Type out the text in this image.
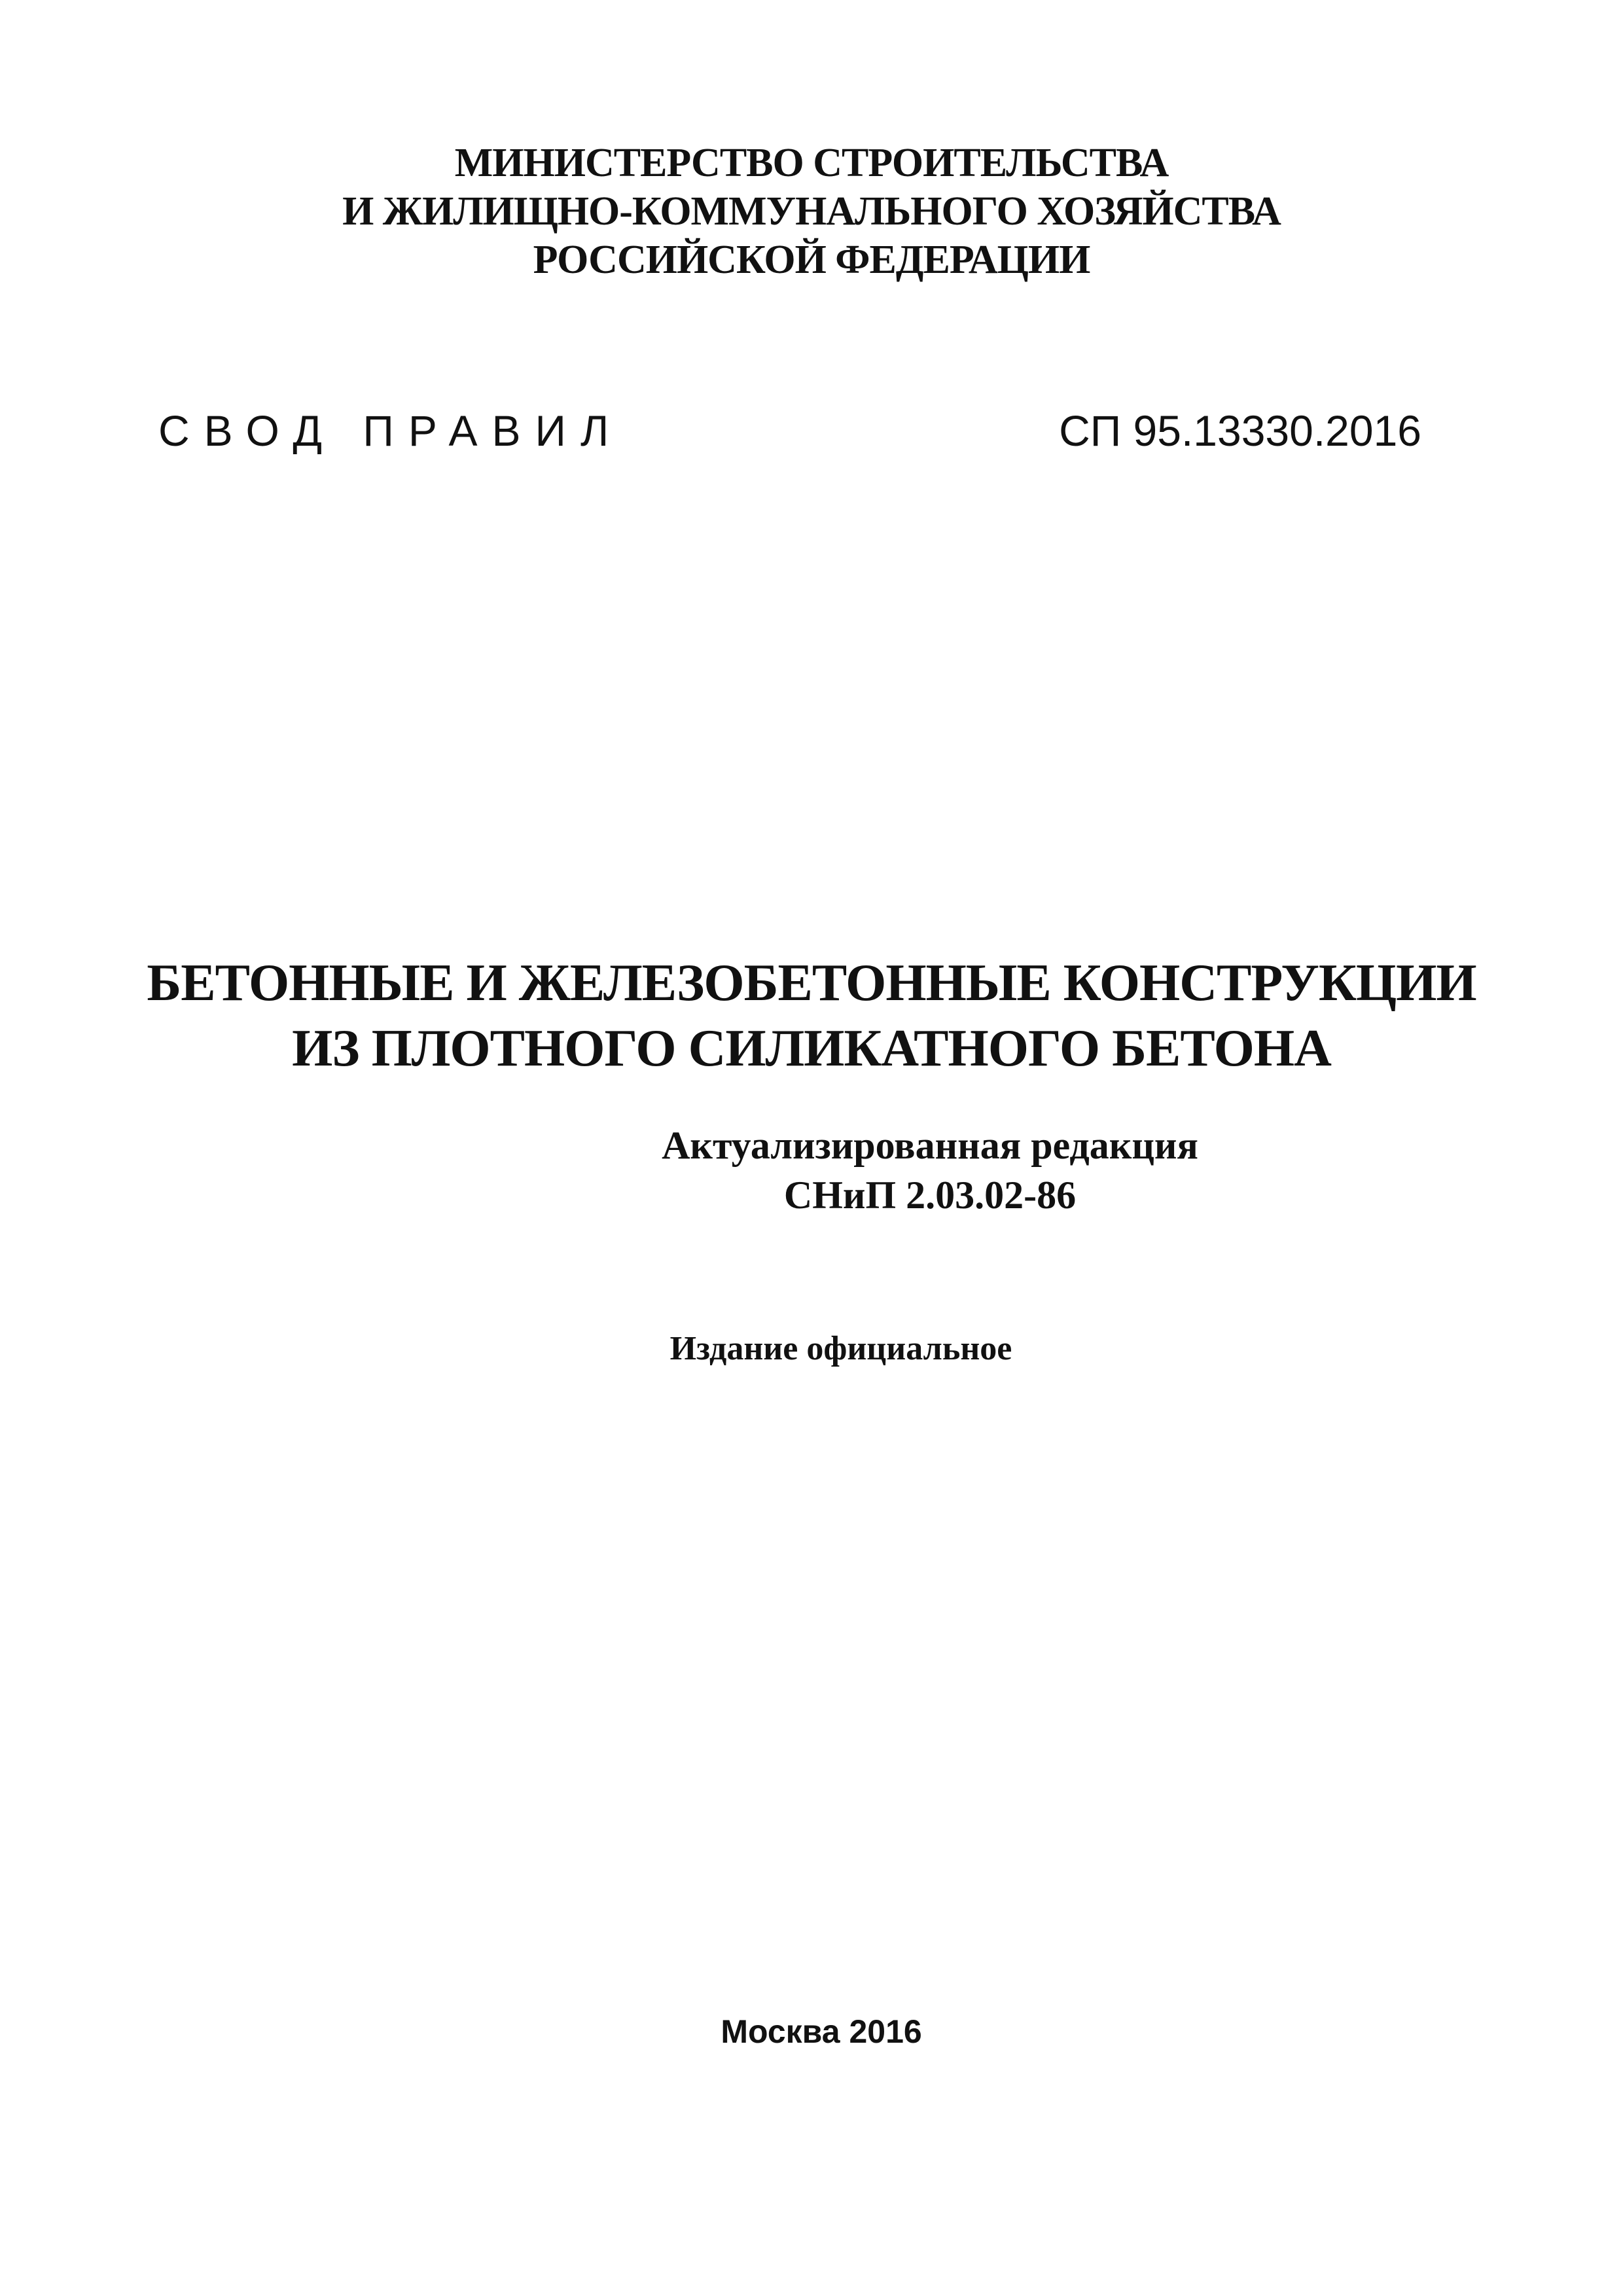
МИНИСТЕРСТВО СТРОИТЕЛЬСТВА
И ЖИЛИЩНО-КОММУНАЛЬНОГО ХОЗЯЙСТВА
РОССИЙСКОЙ ФЕДЕРАЦИИ
СВОД ПРАВИЛ	СП 95.13330.2016
БЕТОННЫЕ И ЖЕЛЕЗОБЕТОННЫЕ КОНСТРУКЦИИ
ИЗ ПЛОТНОГО СИЛИКАТНОГО БЕТОНА
Актуализированная редакция
СНиП 2.03.02-86
Издание официальное
Москва 2016
